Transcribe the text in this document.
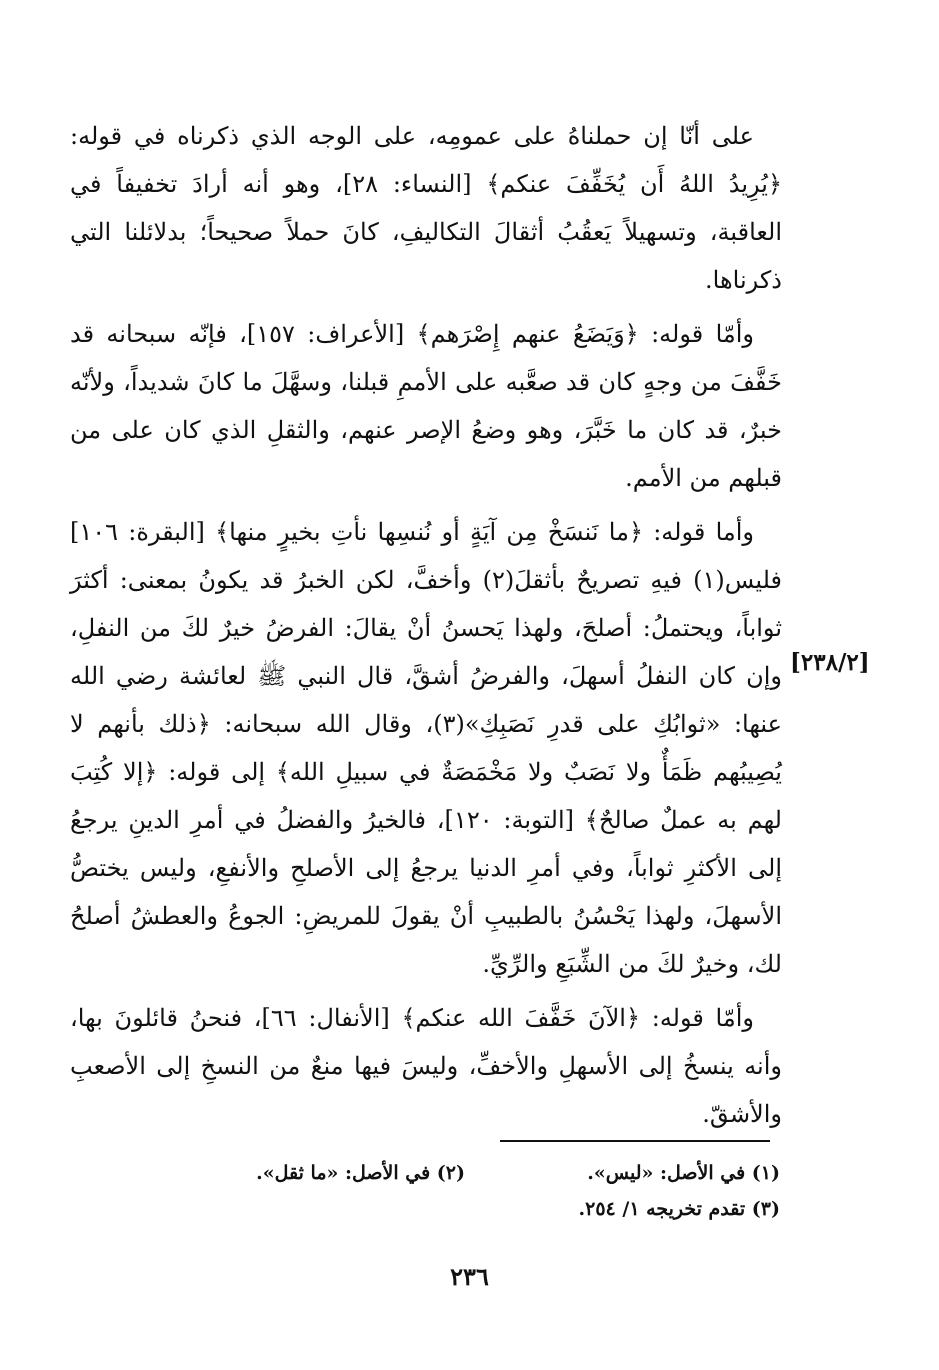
على أنّا إن حملناهُ على عمومِه، على الوجه الذي ذكرناه في قوله: ﴿يُرِيدُ اللهُ أَن يُخَفِّفَ عنكم﴾ [النساء: ٢٨]، وهو أنه أرادَ تخفيفاً في العاقبة، وتسهيلاً يَعقُبُ أثقالَ التكاليفِ، كانَ حملاً صحيحاً؛ بدلائلنا التي ذكرناها.

وأمّا قوله: ﴿وَيَضَعُ عنهم إِصْرَهم﴾ [الأعراف: ١٥٧]، فإنّه سبحانه قد خَفَّفَ من وجهٍ كان قد صعَّبه على الأممِ قبلنا، وسهَّلَ ما كانَ شديداً، ولأنّه خبرٌ، قد كان ما خَبَّرَ، وهو وضعُ الإصر عنهم، والثقلِ الذي كان على من قبلهم من الأمم.

وأما قوله: ﴿ما نَنسَخْ مِن آيَةٍ أو نُنسِها نأتِ بخيرٍ منها﴾ [البقرة: ١٠٦] فليس(١) فيهِ تصريحٌ بأثقلَ(٢) وأخفَّ، لكن الخبرُ قد يكونُ بمعنى: أكثرَ ثواباً، ويحتملُ: أصلحَ، ولهذا يَحسنُ أنْ يقالَ: الفرضُ خيرٌ لكَ من النفلِ، وإن كان النفلُ أسهلَ، والفرضُ أشقَّ، قال النبي ﷺ لعائشة رضي الله عنها: «ثوابُكِ على قدرِ نَصَبِكِ»(٣)، وقال الله سبحانه: ﴿ذلك بأنهم لا يُصِيبُهم ظَمَأٌ ولا نَصَبٌ ولا مَخْمَصَةٌ في سبيلِ الله﴾ إلى قوله: ﴿إلا كُتِبَ لهم به عملٌ صالحٌ﴾ [التوبة: ١٢٠]، فالخيرُ والفضلُ في أمرِ الدينِ يرجعُ إلى الأكثرِ ثواباً، وفي أمرِ الدنيا يرجعُ إلى الأصلحِ والأنفعِ، وليس يختصُّ الأسهلَ، ولهذا يَحْسُنُ بالطبيبِ أنْ يقولَ للمريضِ: الجوعُ والعطشُ أصلحُ لك، وخيرٌ لكَ من الشِّبَعِ والرِّيِّ.

وأمّا قوله: ﴿الآنَ خَفَّفَ الله عنكم﴾ [الأنفال: ٦٦]، فنحنُ قائلونَ بها، وأنه ينسخُ إلى الأسهلِ والأخفِّ، وليسَ فيها منعٌ من النسخِ إلى الأصعبِ والأشقّ.

[٢٣٨/٢]
(١) في الأصل: «ليس».
(٢) في الأصل: «ما ثقل».
(٣) تقدم تخريجه ١/ ٢٥٤.
٢٣٦
